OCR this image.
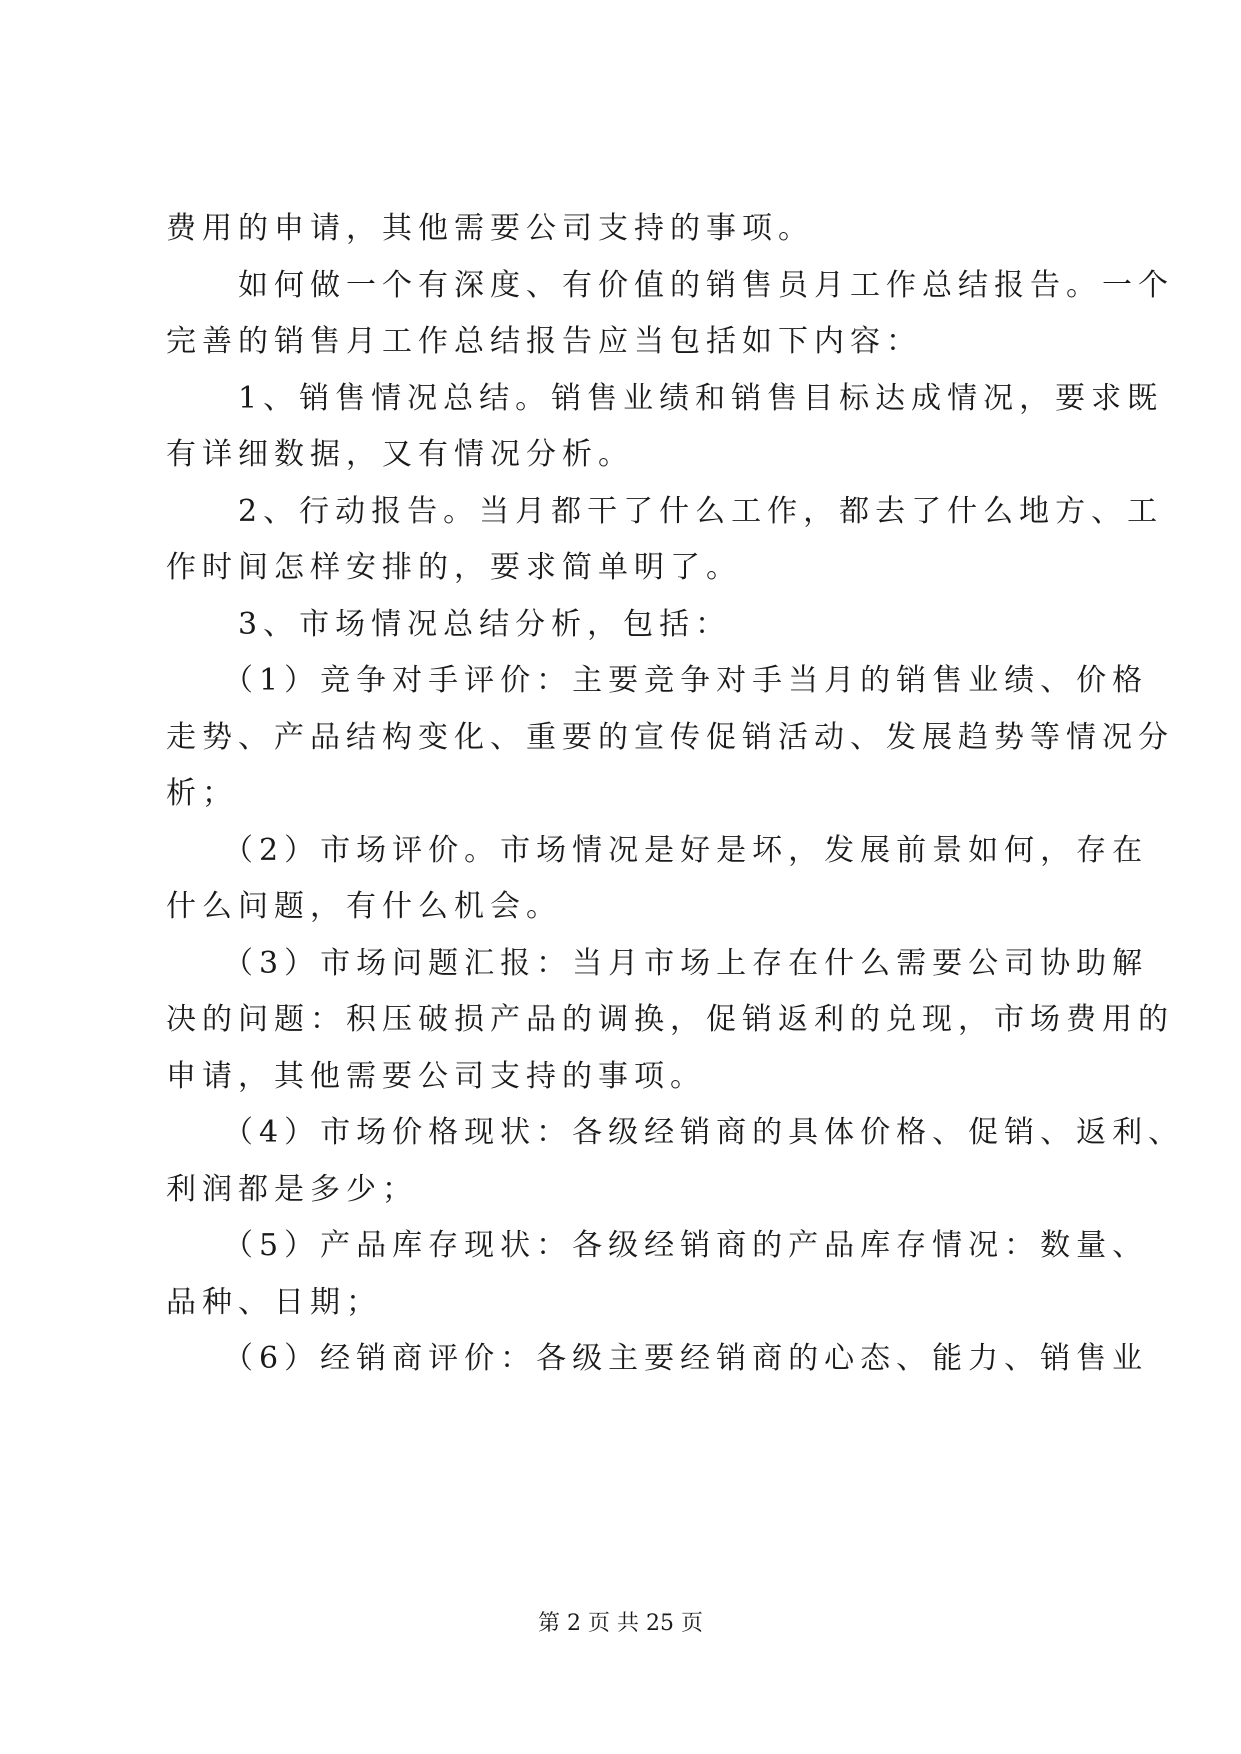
费用的申请，其他需要公司支持的事项。
　　如何做一个有深度、有价值的销售员月工作总结报告。一个
完善的销售月工作总结报告应当包括如下内容：
　　1、销售情况总结。销售业绩和销售目标达成情况，要求既
有详细数据，又有情况分析。
　　2、行动报告。当月都干了什么工作，都去了什么地方、工
作时间怎样安排的，要求简单明了。
　　3、市场情况总结分析，包括：
　　（1）竞争对手评价：主要竞争对手当月的销售业绩、价格
走势、产品结构变化、重要的宣传促销活动、发展趋势等情况分
析；
　　（2）市场评价。市场情况是好是坏，发展前景如何，存在
什么问题，有什么机会。
　　（3）市场问题汇报：当月市场上存在什么需要公司协助解
决的问题：积压破损产品的调换，促销返利的兑现，市场费用的
申请，其他需要公司支持的事项。
　　（4）市场价格现状：各级经销商的具体价格、促销、返利、
利润都是多少；
　　（5）产品库存现状：各级经销商的产品库存情况：数量、
品种、日期；
　　（6）经销商评价：各级主要经销商的心态、能力、销售业
第 2 页 共 25 页
